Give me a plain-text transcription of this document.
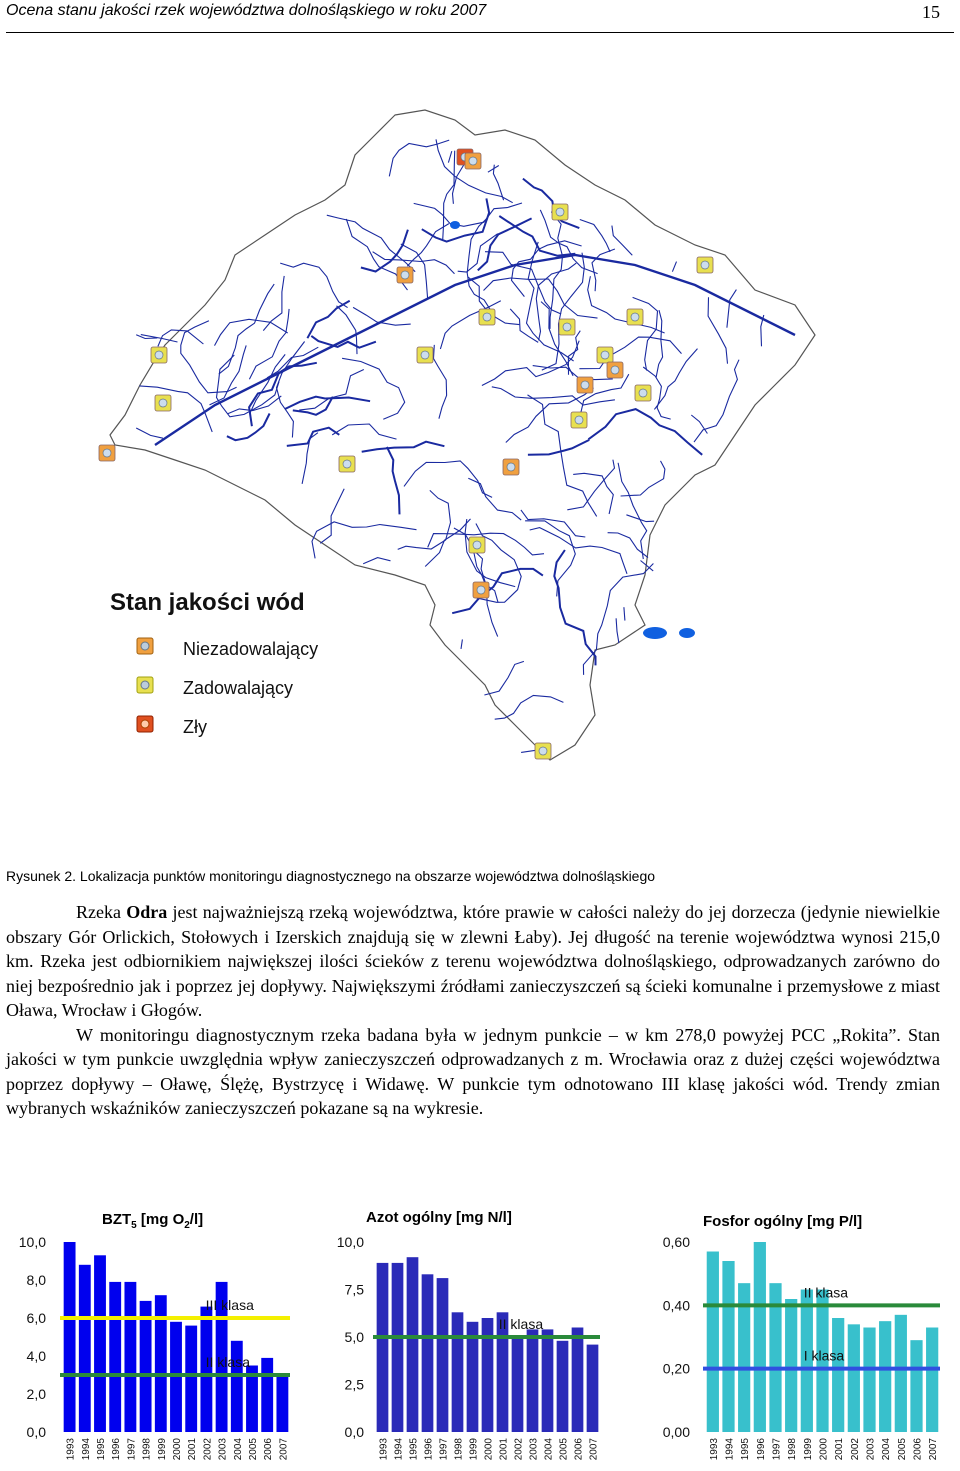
Ocena stanu jakości rzek województwa dolnośląskiego w roku 2007	15
Stan jakości wód
Niezadowalający
Zadowalający
Zły
Rysunek 2. Lokalizacja punktów monitoringu diagnostycznego na obszarze województwa dolnośląskiego

Rzeka Odra jest najważniejszą rzeką województwa, które prawie w całości należy do jej dorzecza (jedynie niewielkie obszary Gór Orlickich, Stołowych i Izerskich znajdują się w zlewni Łaby). Jej długość na terenie województwa wynosi 215,0 km. Rzeka jest odbiornikiem największej ilości ścieków z terenu województwa dolnośląskiego, odprowadzanych zarówno do niej bezpośrednio jak i poprzez jej dopływy. Największymi źródłami zanieczyszczeń są ścieki komunalne i przemysłowe z miast Oława, Wrocław i Głogów.

W monitoringu diagnostycznym rzeka badana była w jednym punkcie – w km 278,0 powyżej PCC „Rokita”. Stan jakości w tym punkcie uwzględnia wpływ zanieczyszczeń odprowadzanych z m. Wrocławia oraz z dużej części województwa poprzez dopływy – Oławę, Ślężę, Bystrzycę i Widawę. W punkcie tym odnotowano III klasę jakości wód. Trendy zmian wybranych wskaźników zanieczyszczeń pokazane są na wykresie.

$BZT_5$ [mg $O_2/l$]
0,0
2,0
4,0
6,0
8,0
10,0
1993 1994 1995 1996 1997 1998 1999 2000 2001 2002 2003 2004 2005 2006 2007
III klasa
II klasa
Azot ogólny [mg N/l]
0,0
2,5
5,0
7,5
10,0
1993 1994 1995 1996 1997 1998 1999 2000 2001 2002 2003 2004 2005 2006 2007
II klasa
Fosfor ogólny [mg P/l]
0,00
0,20
0,40
0,60
1993 1994 1995 1996 1997 1998 1999 2000 2001 2002 2003 2004 2005 2006 2007
II klasa
I klasa
